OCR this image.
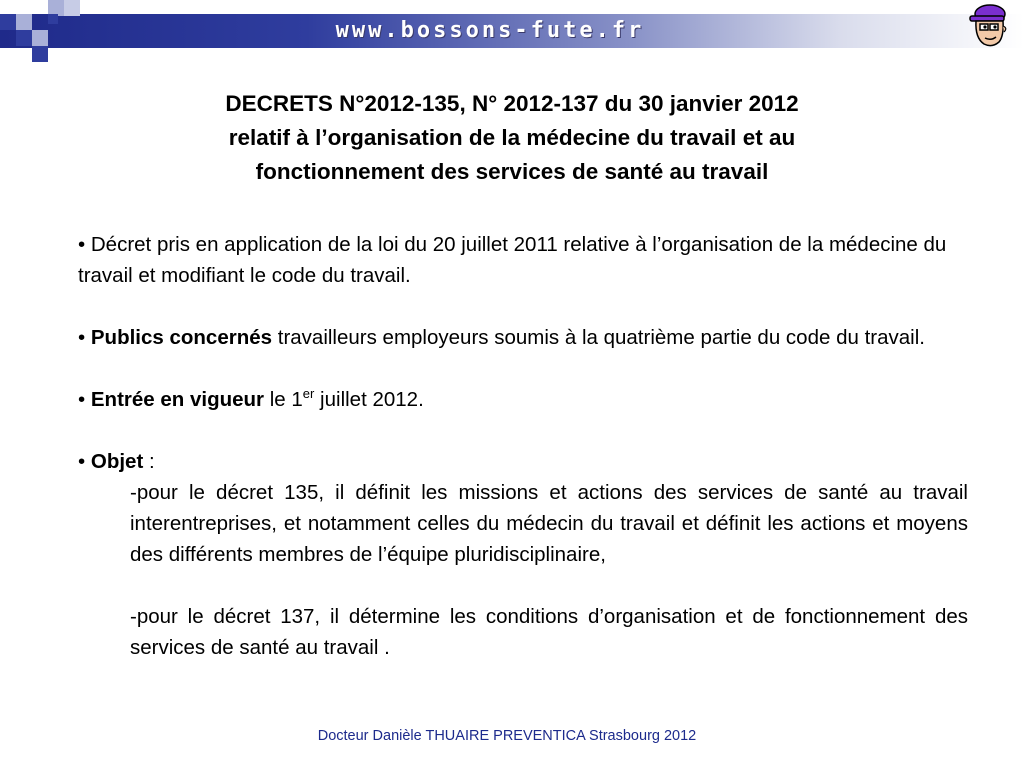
www.bossons-fute.fr
DECRETS N°2012-135, N° 2012-137 du 30 janvier 2012
relatif à l’organisation de la médecine du travail et au
fonctionnement des services de santé au travail
• Décret pris en application de la loi du 20 juillet 2011 relative à l’organisation de la médecine du travail et modifiant le code du travail.
• Publics concernés travailleurs employeurs soumis à la quatrième partie du code du travail.
• Entrée en vigueur le 1er juillet 2012.
• Objet :
-pour le décret 135, il définit les missions et actions des services de santé au travail interentreprises, et notamment celles du médecin du travail et définit les actions et moyens des différents membres de l’équipe pluridisciplinaire,
-pour le décret 137, il détermine les conditions d’organisation et de fonctionnement des services de santé au travail .
Docteur Danièle THUAIRE PREVENTICA Strasbourg 2012
